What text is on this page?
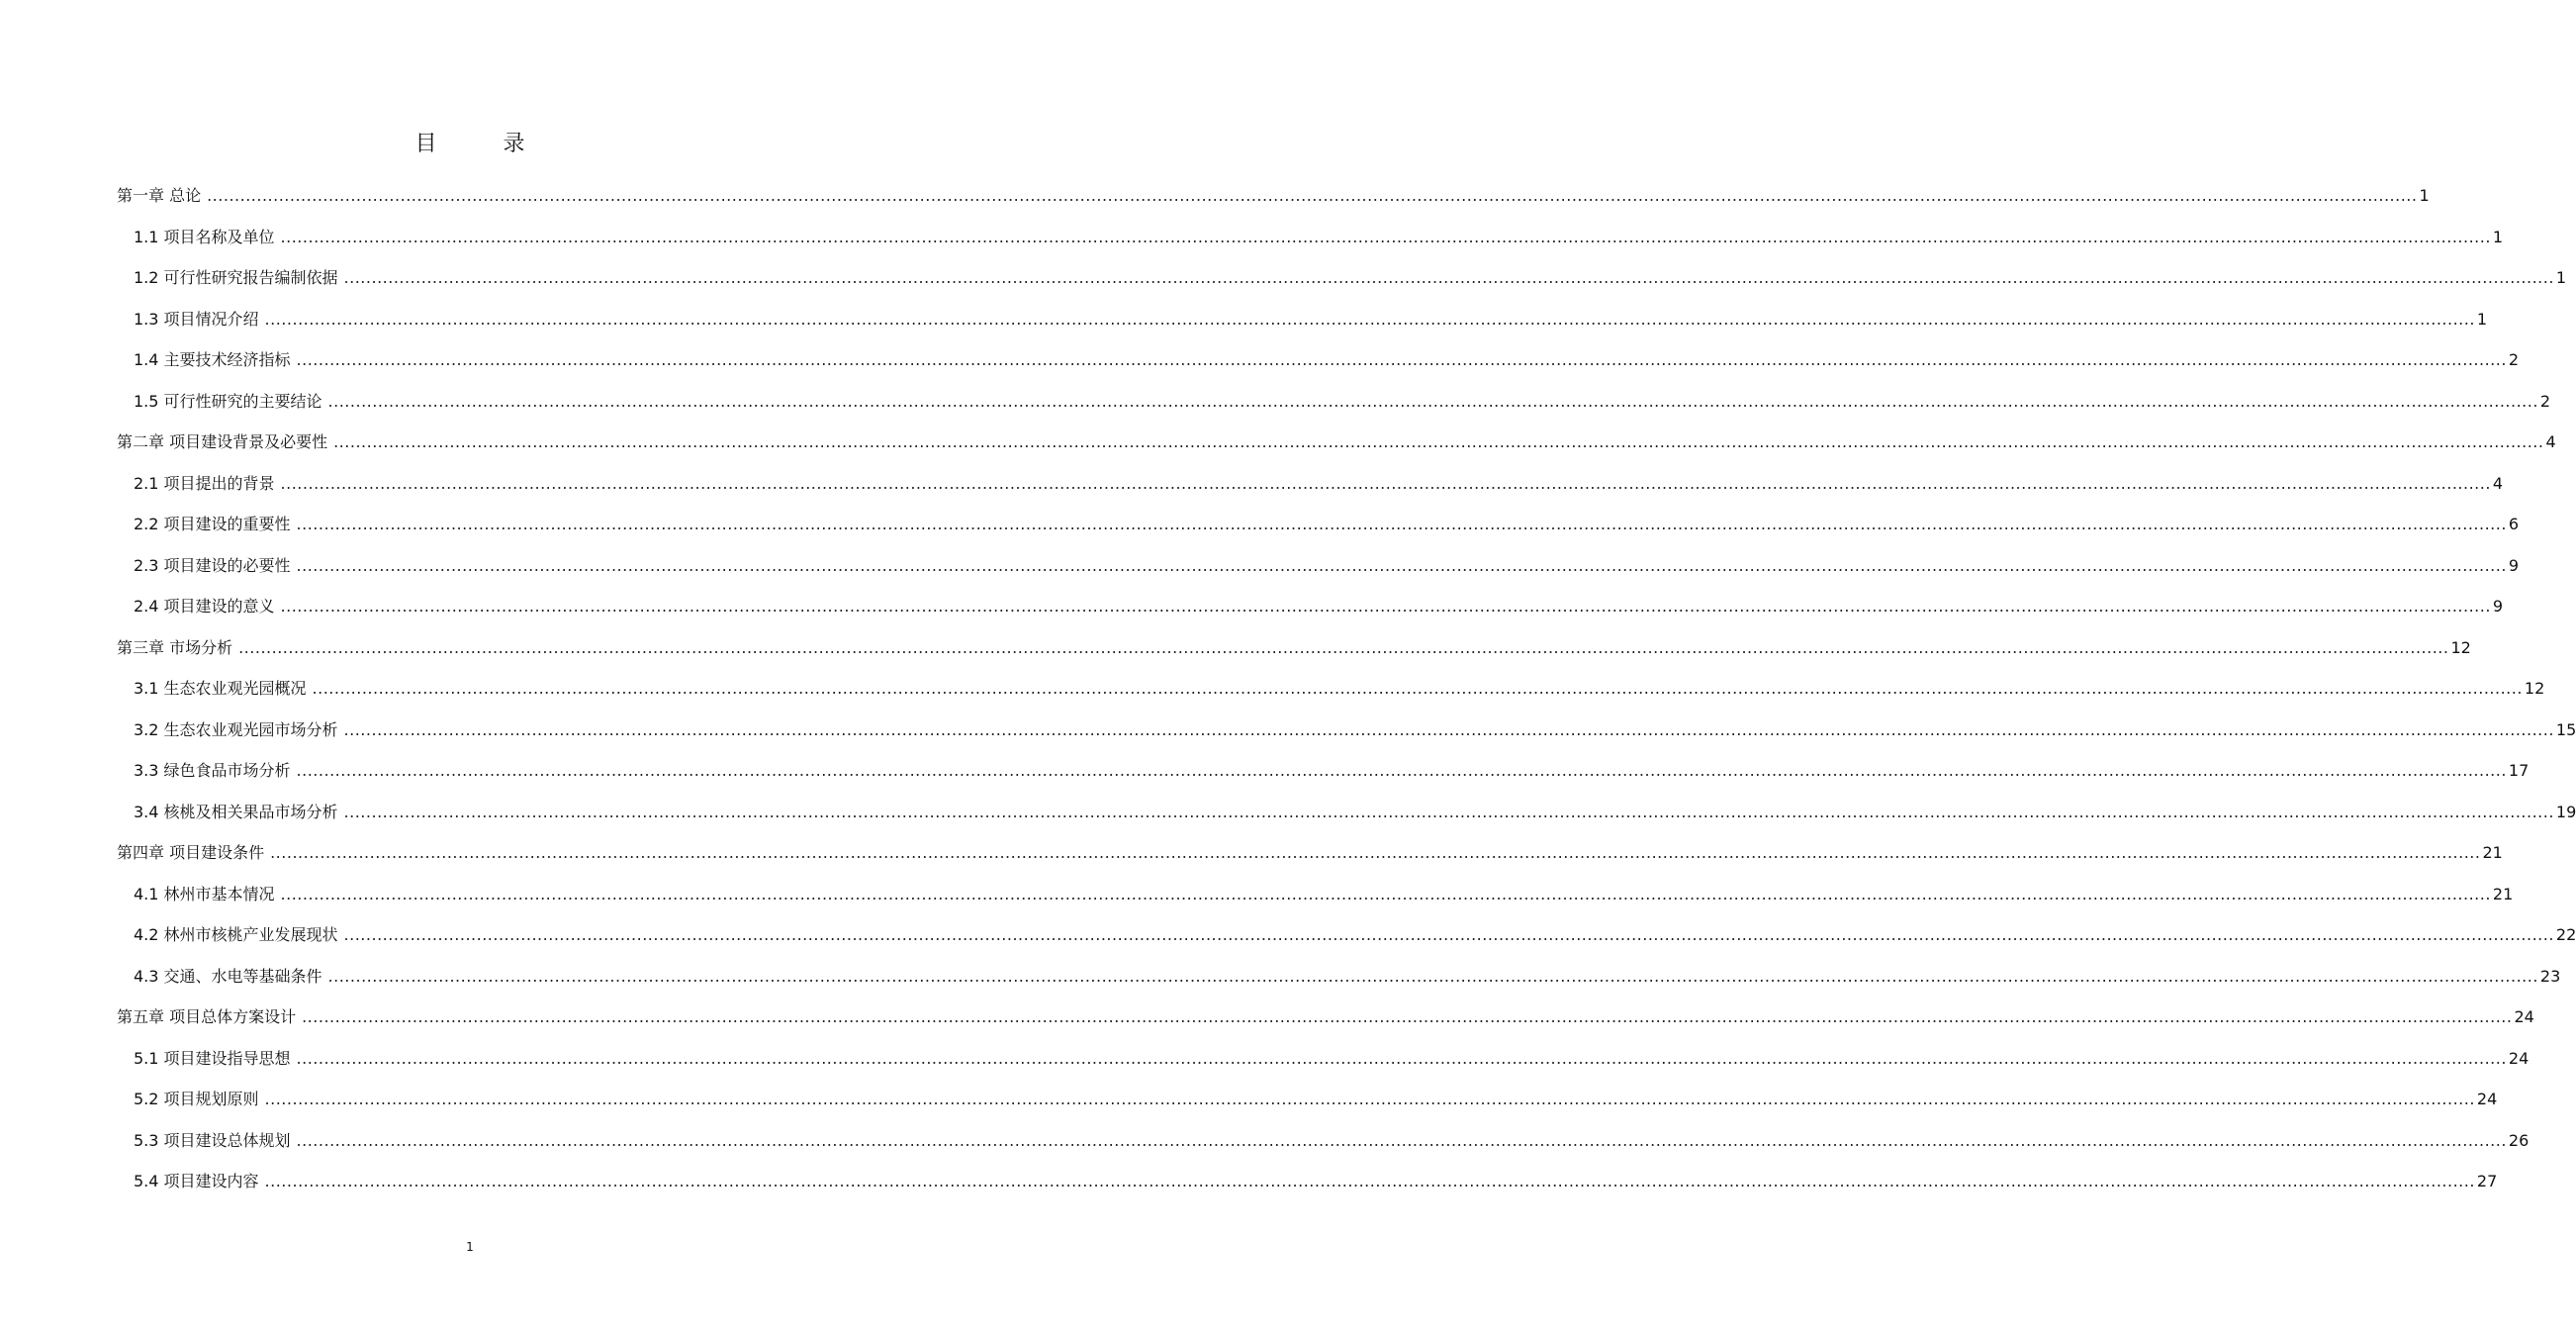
目 录
第一章 总论 ................................................................................................................................................................................................................................................................................................................................................................................................................ 1
1.1 项目名称及单位 ................................................................................................................................................................................................................................................................................................................................................................................................................ 1
1.2 可行性研究报告编制依据 ................................................................................................................................................................................................................................................................................................................................................................................................................ 1
1.3 项目情况介绍 ................................................................................................................................................................................................................................................................................................................................................................................................................ 1
1.4 主要技术经济指标 ................................................................................................................................................................................................................................................................................................................................................................................................................ 2
1.5 可行性研究的主要结论 ................................................................................................................................................................................................................................................................................................................................................................................................................ 2
第二章 项目建设背景及必要性 ................................................................................................................................................................................................................................................................................................................................................................................................................ 4
2.1 项目提出的背景 ................................................................................................................................................................................................................................................................................................................................................................................................................ 4
2.2 项目建设的重要性 ................................................................................................................................................................................................................................................................................................................................................................................................................ 6
2.3 项目建设的必要性 ................................................................................................................................................................................................................................................................................................................................................................................................................ 9
2.4 项目建设的意义 ................................................................................................................................................................................................................................................................................................................................................................................................................ 9
第三章 市场分析 ................................................................................................................................................................................................................................................................................................................................................................................................................ 12
3.1 生态农业观光园概况 ................................................................................................................................................................................................................................................................................................................................................................................................................ 12
3.2 生态农业观光园市场分析 ................................................................................................................................................................................................................................................................................................................................................................................................................ 15
3.3 绿色食品市场分析 ................................................................................................................................................................................................................................................................................................................................................................................................................ 17
3.4 核桃及相关果品市场分析 ................................................................................................................................................................................................................................................................................................................................................................................................................ 19
第四章 项目建设条件 ................................................................................................................................................................................................................................................................................................................................................................................................................ 21
4.1 林州市基本情况 ................................................................................................................................................................................................................................................................................................................................................................................................................ 21
4.2 林州市核桃产业发展现状 ................................................................................................................................................................................................................................................................................................................................................................................................................ 22
4.3 交通、水电等基础条件 ................................................................................................................................................................................................................................................................................................................................................................................................................ 23
第五章 项目总体方案设计 ................................................................................................................................................................................................................................................................................................................................................................................................................ 24
5.1 项目建设指导思想 ................................................................................................................................................................................................................................................................................................................................................................................................................ 24
5.2 项目规划原则 ................................................................................................................................................................................................................................................................................................................................................................................................................ 24
5.3 项目建设总体规划 ................................................................................................................................................................................................................................................................................................................................................................................................................ 26
5.4 项目建设内容 ................................................................................................................................................................................................................................................................................................................................................................................................................ 27
1
